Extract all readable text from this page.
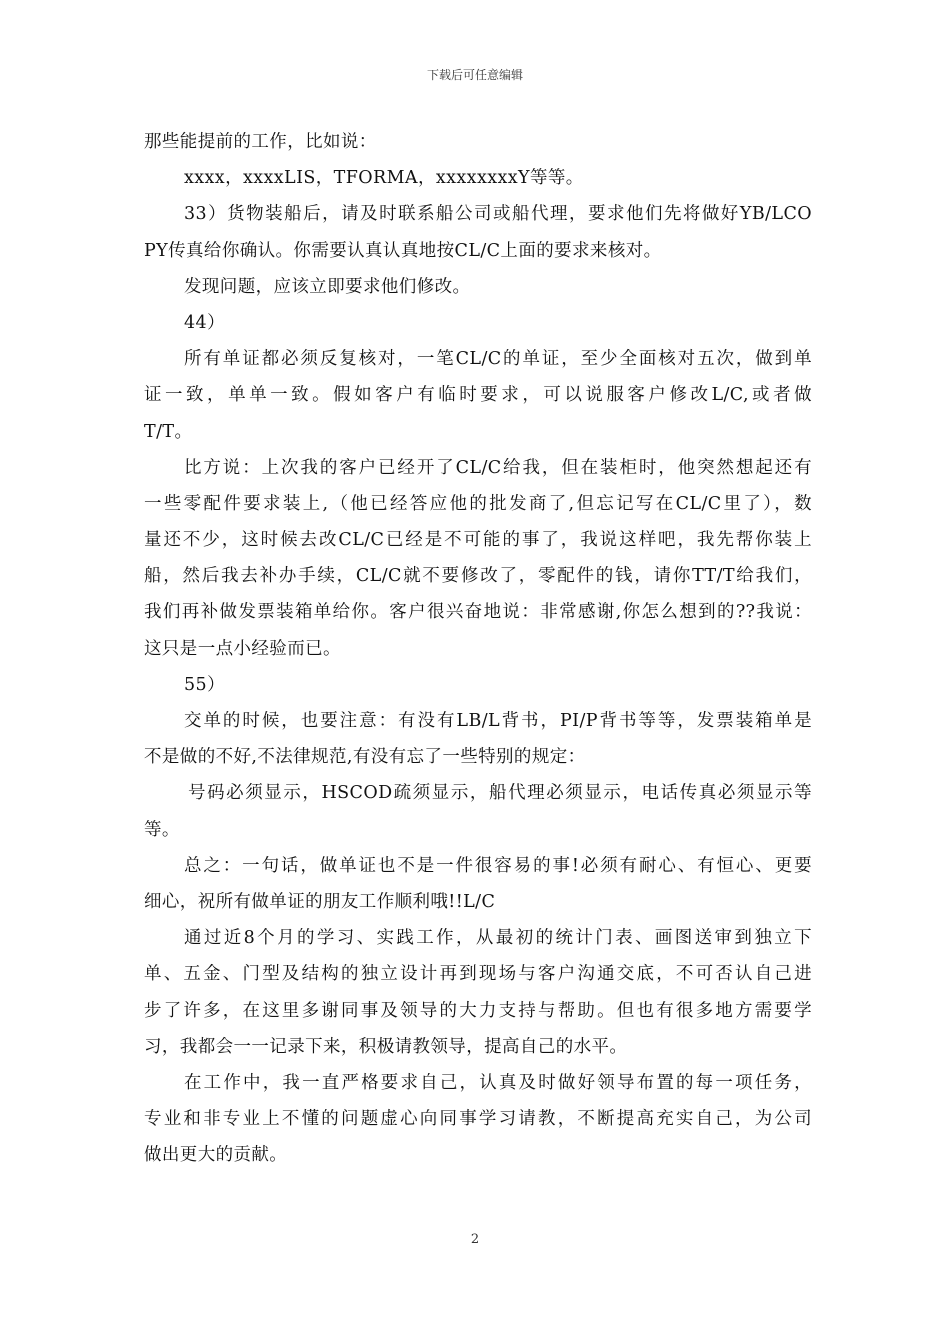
下载后可任意编辑
那些能提前的工作，比如说：
xxxx，xxxxLIS，TFORMA，xxxxxxxxY等等。
33）货物装船后，请及时联系船公司或船代理，要求他们先将做好YB/LCO
PY传真给你确认。你需要认真认真地按CL/C上面的要求来核对。
发现问题，应该立即要求他们修改。
44）
所有单证都必须反复核对，一笔CL/C的单证，至少全面核对五次，做到单
证一致，单单一致。假如客户有临时要求，可以说服客户修改L/C,或者做
T/T。
比方说：上次我的客户已经开了CL/C给我，但在装柜时，他突然想起还有
一些零配件要求装上,（他已经答应他的批发商了,但忘记写在CL/C里了），数
量还不少，这时候去改CL/C已经是不可能的事了，我说这样吧，我先帮你装上
船，然后我去补办手续，CL/C就不要修改了，零配件的钱，请你TT/T给我们，
我们再补做发票装箱单给你。客户很兴奋地说：非常感谢,你怎么想到的??我说：
这只是一点小经验而已。
55）
交单的时候，也要注意：有没有LB/L背书，PI/P背书等等，发票装箱单是
不是做的不好,不法律规范,有没有忘了一些特别的规定：
号码必须显示，HSCOD疏须显示，船代理必须显示，电话传真必须显示等
等。
总之：一句话，做单证也不是一件很容易的事!必须有耐心、有恒心、更要
细心，祝所有做单证的朋友工作顺利哦!!L/C
通过近8个月的学习、实践工作，从最初的统计门表、画图送审到独立下
单、五金、门型及结构的独立设计再到现场与客户沟通交底，不可否认自己进
步了许多，在这里多谢同事及领导的大力支持与帮助。但也有很多地方需要学
习，我都会一一记录下来，积极请教领导，提高自己的水平。
在工作中，我一直严格要求自己，认真及时做好领导布置的每一项任务，
专业和非专业上不懂的问题虚心向同事学习请教，不断提高充实自己，为公司
做出更大的贡献。
2
